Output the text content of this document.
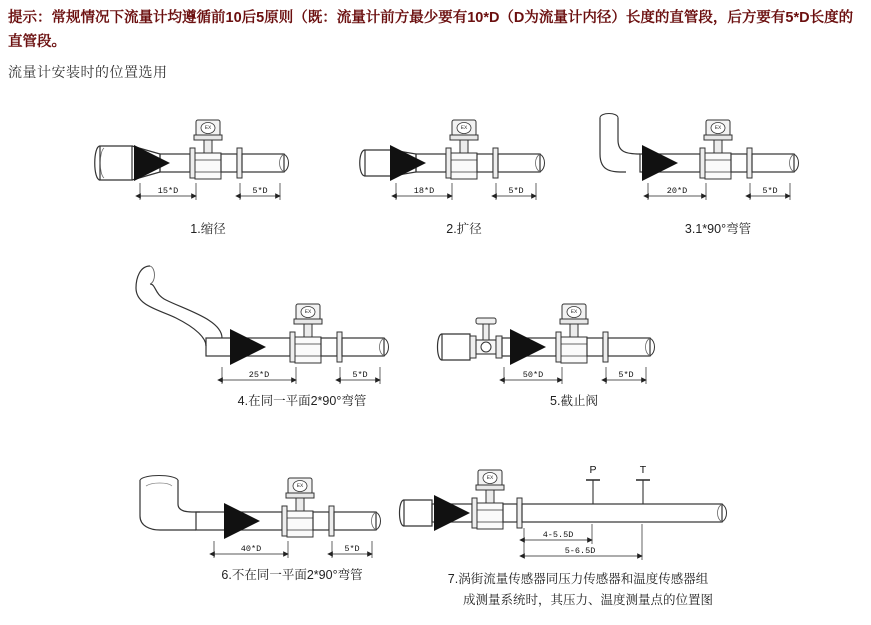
提示：常规情况下流量计均遵循前10后5原则（既：流量计前方最少要有10*D（D为流量计内径）长度的直管段，后方要有5*D长度的直管段。
流量计安装时的位置选用
EX
15*D	5*D
1.缩径
EX
18*D	5*D
2.扩径
EX
20*D	5*D
3.1*90°弯管
EX
25*D	5*D
4.在同一平面2*90°弯管
EX
50*D	5*D
5.截止阀
EX
40*D	5*D
6.不在同一平面2*90°弯管
EX
P	T
4-5.5D
5-6.5D
7.涡街流量传感器同压力传感器和温度传感器组
成测量系统时，其压力、温度测量点的位置图
